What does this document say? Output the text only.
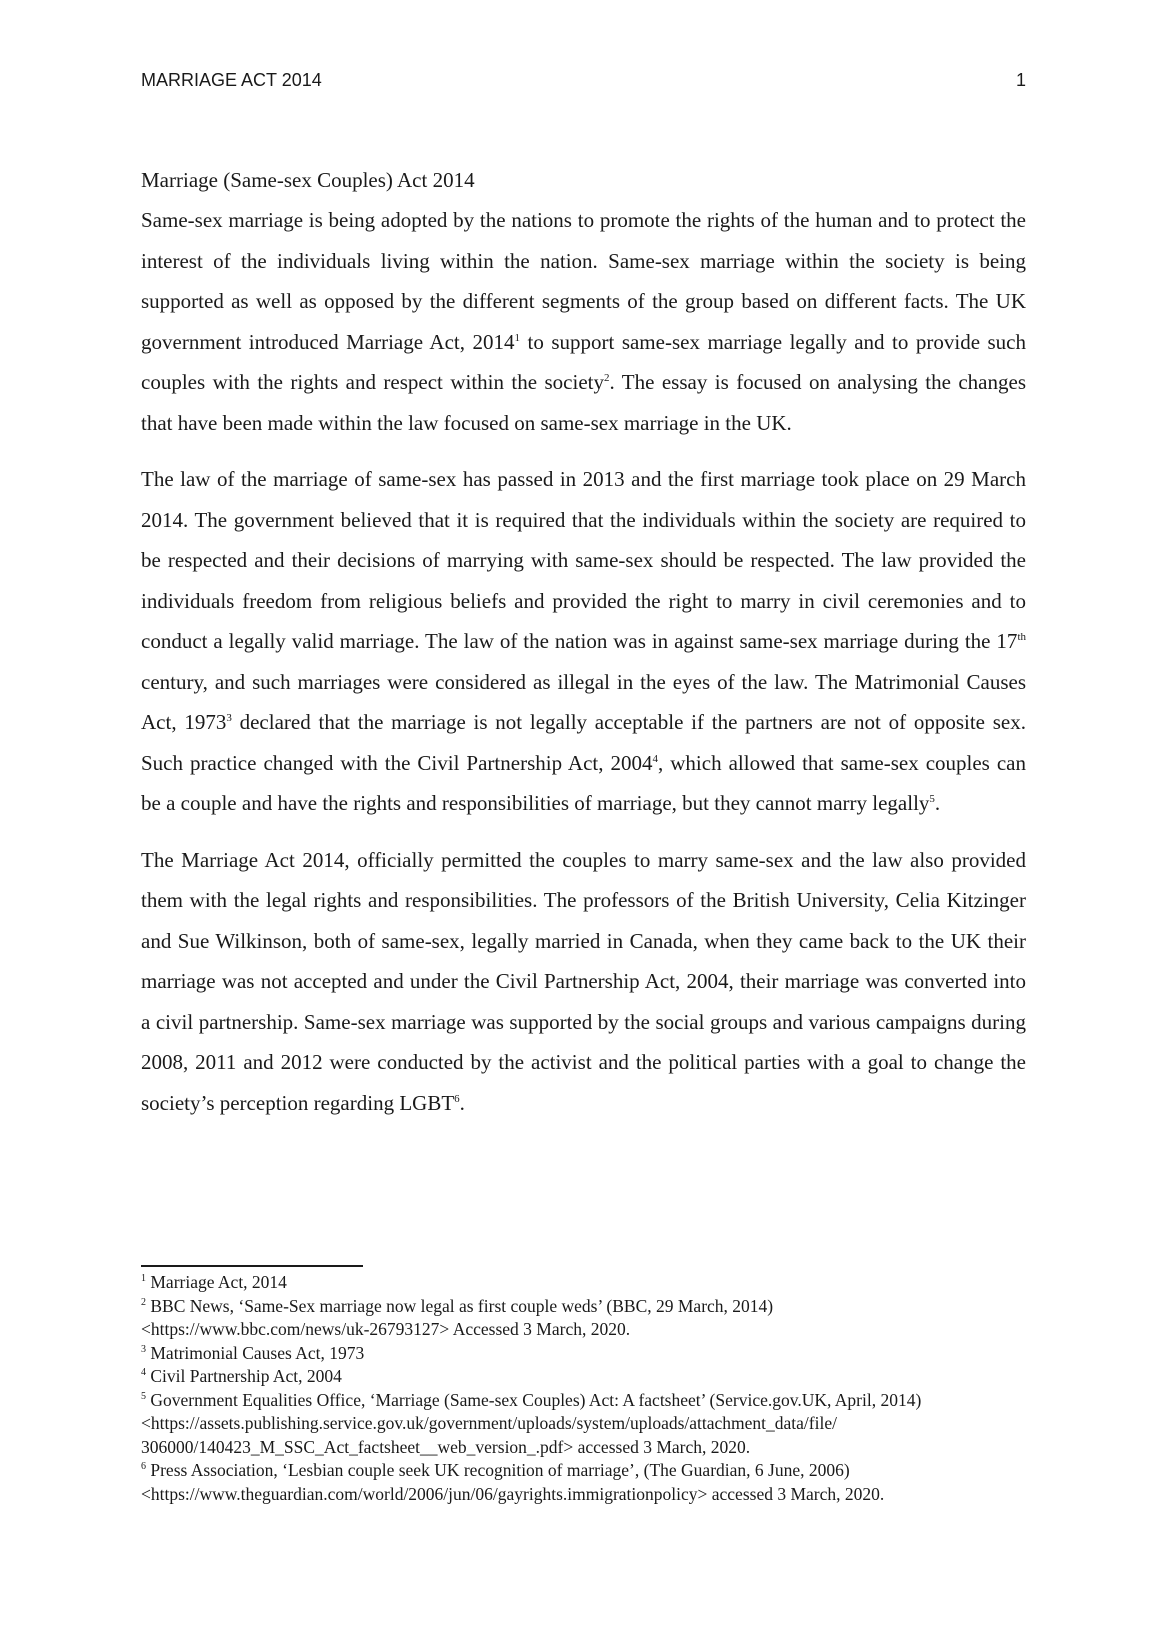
MARRIAGE ACT 2014	1

Marriage (Same-sex Couples) Act 2014

Same-sex marriage is being adopted by the nations to promote the rights of the human and to protect the interest of the individuals living within the nation. Same-sex marriage within the society is being supported as well as opposed by the different segments of the group based on different facts. The UK government introduced Marriage Act, 2014$^1$ to support same-sex marriage legally and to provide such couples with the rights and respect within the society$^2$. The essay is focused on analysing the changes that have been made within the law focused on same-sex marriage in the UK.

The law of the marriage of same-sex has passed in 2013 and the first marriage took place on 29 March 2014. The government believed that it is required that the individuals within the society are required to be respected and their decisions of marrying with same-sex should be respected. The law provided the individuals freedom from religious beliefs and provided the right to marry in civil ceremonies and to conduct a legally valid marriage. The law of the nation was in against same-sex marriage during the 17th century, and such marriages were considered as illegal in the eyes of the law. The Matrimonial Causes Act, 1973$^3$ declared that the marriage is not legally acceptable if the partners are not of opposite sex. Such practice changed with the Civil Partnership Act, 2004$^4$, which allowed that same-sex couples can be a couple and have the rights and responsibilities of marriage, but they cannot marry legally$^5$.

The Marriage Act 2014, officially permitted the couples to marry same-sex and the law also provided them with the legal rights and responsibilities. The professors of the British University, Celia Kitzinger and Sue Wilkinson, both of same-sex, legally married in Canada, when they came back to the UK their marriage was not accepted and under the Civil Partnership Act, 2004, their marriage was converted into a civil partnership. Same-sex marriage was supported by the social groups and various campaigns during 2008, 2011 and 2012 were conducted by the activist and the political parties with a goal to change the society’s perception regarding LGBT$^6$.

$^1$ Marriage Act, 2014
$^2$ BBC News, ‘Same-Sex marriage now legal as first couple weds’ (BBC, 29 March, 2014)
<https://www.bbc.com/news/uk-26793127> Accessed 3 March, 2020.
$^3$ Matrimonial Causes Act, 1973
$^4$ Civil Partnership Act, 2004
$^5$ Government Equalities Office, ‘Marriage (Same-sex Couples) Act: A factsheet’ (Service.gov.UK, April, 2014)
<https://assets.publishing.service.gov.uk/government/uploads/system/uploads/attachment_data/file/
306000/140423_M_SSC_Act_factsheet__web_version_.pdf> accessed 3 March, 2020.
$^6$ Press Association, ‘Lesbian couple seek UK recognition of marriage’, (The Guardian, 6 June, 2006)
<https://www.theguardian.com/world/2006/jun/06/gayrights.immigrationpolicy> accessed 3 March, 2020.
